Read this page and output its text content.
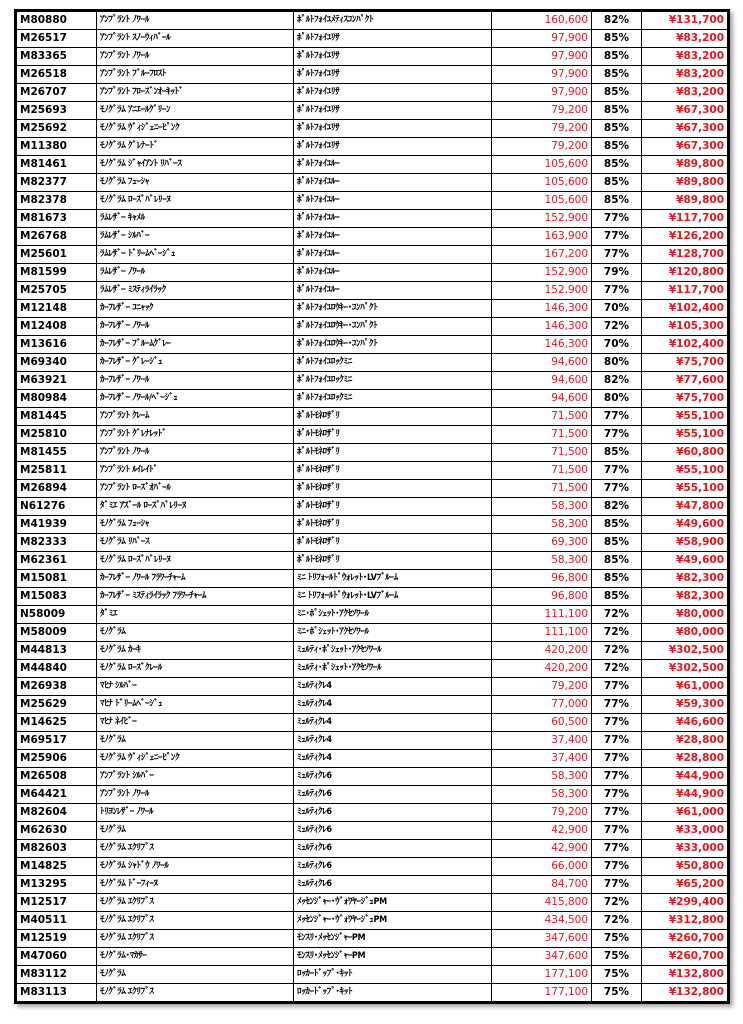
M80880	ｱﾝﾌﾟﾗﾝﾄ ﾉﾜｰﾙ	ﾎﾟﾙﾄﾌｫｲﾕﾒﾃｨｽｺﾝﾊﾟｸﾄ	160,600	82%	¥131,700
M26517	ｱﾝﾌﾟﾗﾝﾄ ｽﾉｰｳｨﾊﾞｰﾙ	ﾎﾟﾙﾄﾌｫｲﾕﾘｻ	97,900	85%	¥83,200
M83365	ｱﾝﾌﾟﾗﾝﾄ ﾉﾜｰﾙ	ﾎﾟﾙﾄﾌｫｲﾕﾘｻ	97,900	85%	¥83,200
M26518	ｱﾝﾌﾟﾗﾝﾄ ﾌﾞﾙｰﾌﾛｽﾄ	ﾎﾟﾙﾄﾌｫｲﾕﾘｻ	97,900	85%	¥83,200
M26707	ｱﾝﾌﾟﾗﾝﾄ ﾌﾛｰｽﾞﾝｵｰｷｯﾄﾞ	ﾎﾟﾙﾄﾌｫｲﾕﾘｻ	97,900	85%	¥83,200
M25693	ﾓﾉｸﾞﾗﾑ ｱﾆｴｰﾙｸﾞﾘｰﾝ	ﾎﾟﾙﾄﾌｫｲﾕﾘｻ	79,200	85%	¥67,300
M25692	ﾓﾉｸﾞﾗﾑ ｳﾞｨｼﾞｪﾆｰﾋﾟﾝｸ	ﾎﾟﾙﾄﾌｫｲﾕﾘｻ	79,200	85%	¥67,300
M11380	ﾓﾉｸﾞﾗﾑ ｸﾞﾚﾅｰﾄﾞ	ﾎﾟﾙﾄﾌｫｲﾕﾘｻ	79,200	85%	¥67,300
M81461	ﾓﾉｸﾞﾗﾑ ｼﾞｬｲｱﾝﾄ ﾘﾊﾞｰｽ	ﾎﾟﾙﾄﾌｫｲﾕﾙｰ	105,600	85%	¥89,800
M82377	ﾓﾉｸﾞﾗﾑ ﾌｭｰｼｬ	ﾎﾟﾙﾄﾌｫｲﾕﾙｰ	105,600	85%	¥89,800
M82378	ﾓﾉｸﾞﾗﾑ ﾛｰｽﾞﾊﾞﾚﾘｰﾇ	ﾎﾟﾙﾄﾌｫｲﾕﾙｰ	105,600	85%	¥89,800
M81673	ﾗﾑﾚｻﾞｰ ｷｬﾒﾙ	ﾎﾟﾙﾄﾌｫｲﾕﾙｰ	152,900	77%	¥117,700
M26768	ﾗﾑﾚｻﾞｰ ｼﾙﾊﾞｰ	ﾎﾟﾙﾄﾌｫｲﾕﾙｰ	163,900	77%	¥126,200
M25601	ﾗﾑﾚｻﾞｰ ﾄﾞﾘｰﾑﾍﾞｰｼﾞｭ	ﾎﾟﾙﾄﾌｫｲﾕﾙｰ	167,200	77%	¥128,700
M81599	ﾗﾑﾚｻﾞｰ ﾉﾜｰﾙ	ﾎﾟﾙﾄﾌｫｲﾕﾙｰ	152,900	79%	¥120,800
M25705	ﾗﾑﾚｻﾞｰ ﾐｽﾃｨﾗｲﾗｯｸ	ﾎﾟﾙﾄﾌｫｲﾕﾙｰ	152,900	77%	¥117,700
M12148	ｶｰﾌﾚｻﾞｰ ｺﾆｬｯｸ	ﾎﾟﾙﾄﾌｫｲﾕﾛｳｷｰ･ｺﾝﾊﾟｸﾄ	146,300	70%	¥102,400
M12408	ｶｰﾌﾚｻﾞｰ ﾉﾜｰﾙ	ﾎﾟﾙﾄﾌｫｲﾕﾛｳｷｰ･ｺﾝﾊﾟｸﾄ	146,300	72%	¥105,300
M13616	ｶｰﾌﾚｻﾞｰ ﾌﾞﾙｰﾑｸﾞﾚｰ	ﾎﾟﾙﾄﾌｫｲﾕﾛｳｷｰ･ｺﾝﾊﾟｸﾄ	146,300	70%	¥102,400
M69340	ｶｰﾌﾚｻﾞｰ ｸﾞﾚｰｼﾞｭ	ﾎﾟﾙﾄﾌｫｲﾕﾛｯｸﾐﾆ	94,600	80%	¥75,700
M63921	ｶｰﾌﾚｻﾞｰ ﾉﾜｰﾙ	ﾎﾟﾙﾄﾌｫｲﾕﾛｯｸﾐﾆ	94,600	82%	¥77,600
M80984	ｶｰﾌﾚｻﾞｰ ﾉﾜｰﾙ/ﾍﾞｰｼﾞｭ	ﾎﾟﾙﾄﾌｫｲﾕﾛｯｸﾐﾆ	94,600	80%	¥75,700
M81445	ｱﾝﾌﾟﾗﾝﾄ ｸﾚｰﾑ	ﾎﾟﾙﾄﾓﾈﾛｻﾞﾘ	71,500	77%	¥55,100
M25810	ｱﾝﾌﾟﾗﾝﾄ ｸﾞﾚﾅﾚｯﾄﾞ	ﾎﾟﾙﾄﾓﾈﾛｻﾞﾘ	71,500	77%	¥55,100
M81455	ｱﾝﾌﾟﾗﾝﾄ ﾉﾜｰﾙ	ﾎﾟﾙﾄﾓﾈﾛｻﾞﾘ	71,500	85%	¥60,800
M25811	ｱﾝﾌﾟﾗﾝﾄ ﾙｲﾚｲﾄﾞ	ﾎﾟﾙﾄﾓﾈﾛｻﾞﾘ	71,500	77%	¥55,100
M26894	ｱﾝﾌﾟﾗﾝﾄ ﾛｰｽﾞｵﾊﾞｰﾙ	ﾎﾟﾙﾄﾓﾈﾛｻﾞﾘ	71,500	77%	¥55,100
N61276	ﾀﾞﾐｴ ｱｽﾞｰﾙ ﾛｰｽﾞﾊﾞﾚﾘｰﾇ	ﾎﾟﾙﾄﾓﾈﾛｻﾞﾘ	58,300	82%	¥47,800
M41939	ﾓﾉｸﾞﾗﾑ ﾌｭｰｼｬ	ﾎﾟﾙﾄﾓﾈﾛｻﾞﾘ	58,300	85%	¥49,600
M82333	ﾓﾉｸﾞﾗﾑ ﾘﾊﾞｰｽ	ﾎﾟﾙﾄﾓﾈﾛｻﾞﾘ	69,300	85%	¥58,900
M62361	ﾓﾉｸﾞﾗﾑ ﾛｰｽﾞﾊﾞﾚﾘｰﾇ	ﾎﾟﾙﾄﾓﾈﾛｻﾞﾘ	58,300	85%	¥49,600
M15081	ｶｰﾌﾚｻﾞｰ ﾉﾜｰﾙ ﾌﾗﾜｰﾁｬｰﾑ	ﾐﾆ ﾄﾘﾌｫｰﾙﾄﾞｳｫﾚｯﾄ･LVﾌﾞﾙｰﾑ	96,800	85%	¥82,300
M15083	ｶｰﾌﾚｻﾞｰ ﾐｽﾃｨﾗｲﾗｯｸ ﾌﾗﾜｰﾁｬｰﾑ	ﾐﾆ ﾄﾘﾌｫｰﾙﾄﾞｳｫﾚｯﾄ･LVﾌﾞﾙｰﾑ	96,800	85%	¥82,300
N58009	ﾀﾞﾐｴ	ﾐﾆ･ﾎﾟｼｪｯﾄ･ｱｸｾｿﾜｰﾙ	111,100	72%	¥80,000
M58009	ﾓﾉｸﾞﾗﾑ	ﾐﾆ･ﾎﾟｼｪｯﾄ･ｱｸｾｿﾜｰﾙ	111,100	72%	¥80,000
M44813	ﾓﾉｸﾞﾗﾑ ｶｰｷ	ﾐｭﾙﾃｨ･ﾎﾟｼｪｯﾄ･ｱｸｾｿﾜｰﾙ	420,200	72%	¥302,500
M44840	ﾓﾉｸﾞﾗﾑ ﾛｰｽﾞｸﾚｰﾙ	ﾐｭﾙﾃｨ･ﾎﾟｼｪｯﾄ･ｱｸｾｿﾜｰﾙ	420,200	72%	¥302,500
M26938	ﾏﾋﾅ ｼﾙﾊﾞｰ	ﾐｭﾙﾃｨｸﾚ4	79,200	77%	¥61,000
M25629	ﾏﾋﾅ ﾄﾞﾘｰﾑﾍﾞｰｼﾞｭ	ﾐｭﾙﾃｨｸﾚ4	77,000	77%	¥59,300
M14625	ﾏﾋﾅ ﾈｲﾋﾞｰ	ﾐｭﾙﾃｨｸﾚ4	60,500	77%	¥46,600
M69517	ﾓﾉｸﾞﾗﾑ	ﾐｭﾙﾃｨｸﾚ4	37,400	77%	¥28,800
M25906	ﾓﾉｸﾞﾗﾑ ｳﾞｨｼﾞｪﾆｰﾋﾟﾝｸ	ﾐｭﾙﾃｨｸﾚ4	37,400	77%	¥28,800
M26508	ｱﾝﾌﾟﾗﾝﾄ ｼﾙﾊﾞｰ	ﾐｭﾙﾃｨｸﾚ6	58,300	77%	¥44,900
M64421	ｱﾝﾌﾟﾗﾝﾄ ﾉﾜｰﾙ	ﾐｭﾙﾃｨｸﾚ6	58,300	77%	¥44,900
M82604	ﾄﾘﾖﾝﾚｻﾞｰ ﾉﾜｰﾙ	ﾐｭﾙﾃｨｸﾚ6	79,200	77%	¥61,000
M62630	ﾓﾉｸﾞﾗﾑ	ﾐｭﾙﾃｨｸﾚ6	42,900	77%	¥33,000
M82603	ﾓﾉｸﾞﾗﾑ ｴｸﾘﾌﾟｽ	ﾐｭﾙﾃｨｸﾚ6	42,900	77%	¥33,000
M14825	ﾓﾉｸﾞﾗﾑ ｼｬﾄﾞｳ ﾉﾜｰﾙ	ﾐｭﾙﾃｨｸﾚ6	66,000	77%	¥50,800
M13295	ﾓﾉｸﾞﾗﾑ ﾄﾞｰﾌｨｰﾇ	ﾐｭﾙﾃｨｸﾚ6	84,700	77%	¥65,200
M12517	ﾓﾉｸﾞﾗﾑ ｴｸﾘﾌﾟｽ	ﾒｯｾﾝｼﾞｬｰ･ｳﾞｫﾜﾔｰｼﾞｭPM	415,800	72%	¥299,400
M40511	ﾓﾉｸﾞﾗﾑ ｴｸﾘﾌﾟｽ	ﾒｯｾﾝｼﾞｬｰ･ｳﾞｫﾜﾔｰｼﾞｭPM	434,500	72%	¥312,800
M12519	ﾓﾉｸﾞﾗﾑ ｴｸﾘﾌﾟｽ	ﾓﾝｽﾘ･ﾒｯｾﾝｼﾞｬｰPM	347,600	75%	¥260,700
M47060	ﾓﾉｸﾞﾗﾑ･ﾏｶｻｰ	ﾓﾝｽﾘ･ﾒｯｾﾝｼﾞｬｰPM	347,600	75%	¥260,700
M83112	ﾓﾉｸﾞﾗﾑ	ﾛｯｶｰﾄﾞｯﾌﾟ･ｷｯﾄ	177,100	75%	¥132,800
M83113	ﾓﾉｸﾞﾗﾑ ｴｸﾘﾌﾟｽ	ﾛｯｶｰﾄﾞｯﾌﾟ･ｷｯﾄ	177,100	75%	¥132,800
